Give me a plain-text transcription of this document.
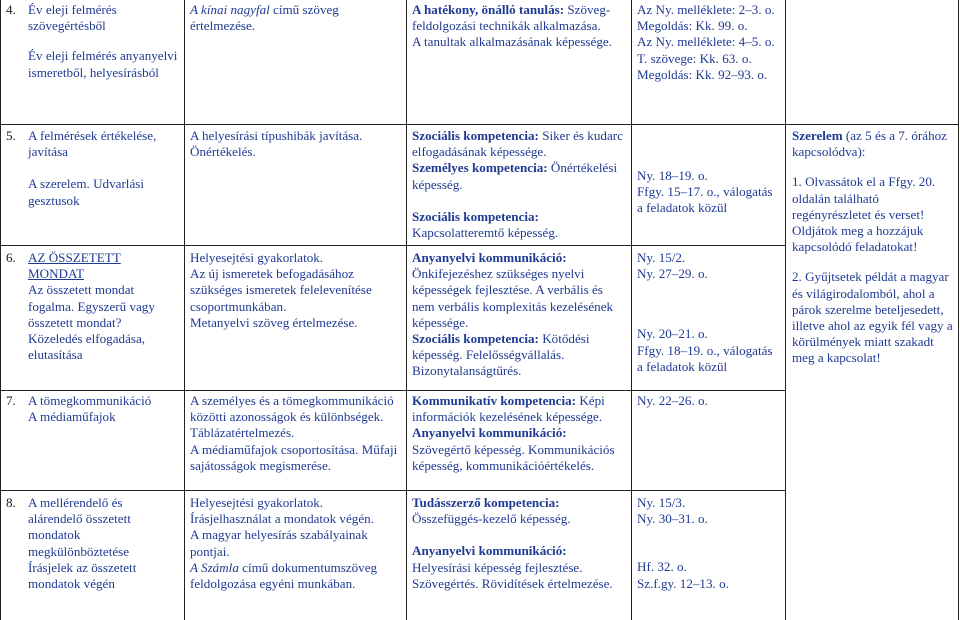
4. Év eleji felmérés szövegértésből
Év eleji felmérés anyanyelvi ismeretből, helyesírásból
A kínai nagyfal című szöveg értelmezése.
A hatékony, önálló tanulás: Szöveg-feldolgozási technikák alkalmazása.
A tanultak alkalmazásának képessége.
Az Ny. melléklete: 2–3. o. Megoldás: Kk. 99. o.
Az Ny. melléklete: 4–5. o. T. szövege: Kk. 63. o. Megoldás: Kk. 92–93. o.
5. A felmérések értékelése, javítása
A szerelem. Udvarlási gesztusok
A helyesírási típushibák javítása. Önértékelés.
Szociális kompetencia: Siker és kudarc elfogadásának képessége.
Személyes kompetencia: Önértékelési képesség.
Szociális kompetencia: Kapcsolatteremtő képesség.
Ny. 18–19. o.
Ffgy. 15–17. o., válogatás a feladatok közül
Szerelem (az 5 és a 7. órához kapcsolódva):
1. Olvassátok el a Ffgy. 20. oldalán található regényrészletet és verset! Oldjátok meg a hozzájuk kapcsolódó feladatokat!
2. Gyűjtsetek példát a magyar és világirodalomból, ahol a párok szerelme beteljesedett, illetve ahol az egyik fél vagy a körülmények miatt szakadt meg a kapcsolat!
6. AZ ÖSSZETETT MONDAT
Az összetett mondat fogalma. Egyszerű vagy összetett mondat?
Közeledés elfogadása, elutasítása
Helyesejtési gyakorlatok.
Az új ismeretek befogadásához szükséges ismeretek felelevenítése csoportmunkában.
Metanyelvi szöveg értelmezése.
Anyanyelvi kommunikáció: Önkifejezéshez szükséges nyelvi képességek fejlesztése. A verbális és nem verbális komplexitás kezelésének képessége.
Szociális kompetencia: Kötődési képesség. Felelősségvállalás. Bizonytalanságtűrés.
Ny. 15/2.
Ny. 27–29. o.
Ny. 20–21. o.
Ffgy. 18–19. o., válogatás a feladatok közül
7. A tömegkommunikáció
A médiaműfajok
A személyes és a tömegkommunikáció közötti azonosságok és különbségek. Táblázatértelmezés.
A médiaműfajok csoportosítása. Műfaji sajátosságok megismerése.
Kommunikatív kompetencia: Képi információk kezelésének képessége.
Anyanyelvi kommunikáció: Szövegértő képesség. Kommunikációs képesség, kommunikációértékelés.
Ny. 22–26. o.
8. A mellérendelő és alárendelő összetett mondatok megkülönböztetése
Írásjelek az összetett mondatok végén
Helyesejtési gyakorlatok.
Írásjelhasználat a mondatok végén.
A magyar helyesírás szabályainak pontjai.
A Számla című dokumentumszöveg feldolgozása egyéni munkában.
Tudásszerző kompetencia: Összefüggés-kezelő képesség.
Anyanyelvi kommunikáció: Helyesírási képesség fejlesztése. Szövegértés. Rövidítések értelmezése.
Ny. 15/3.
Ny. 30–31. o.
Hf. 32. o.
Sz.f.gy. 12–13. o.
